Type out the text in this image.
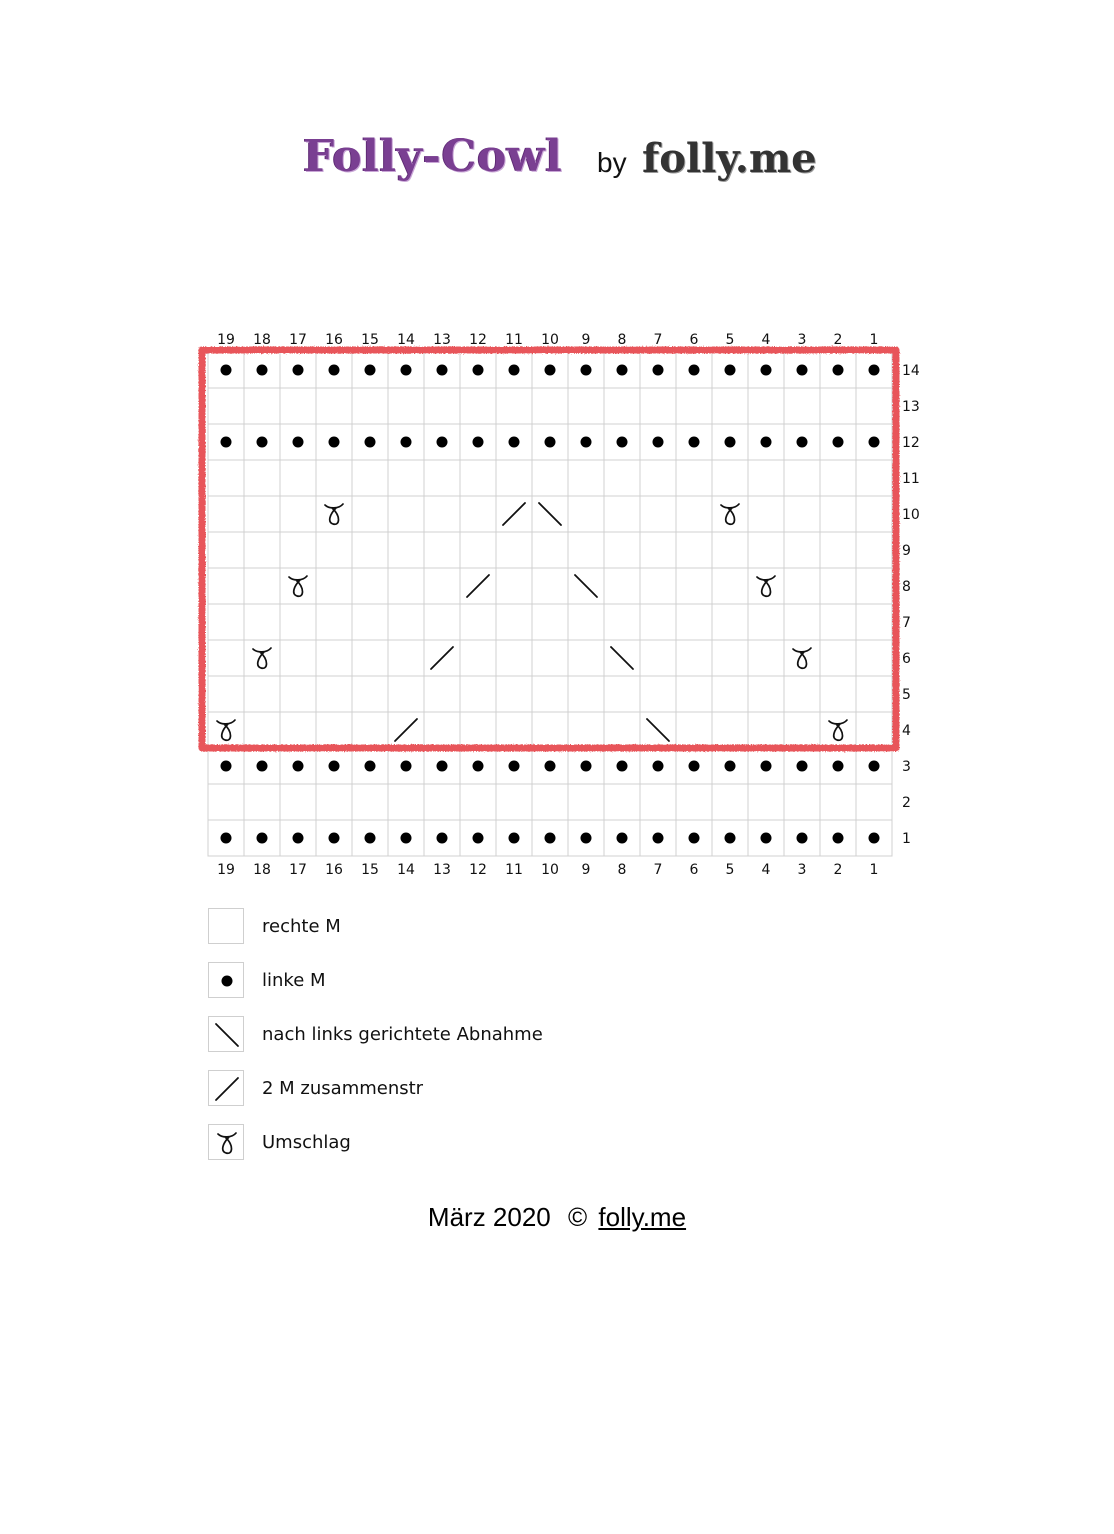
Folly-Cowl by folly.me
19
19
18
18
17
17
16
16
15
15
14
14
13
13
12
12
11
11
10
10
9
9
8
8
7
7
6
6
5
5
4
4
3
3
2
2
1
1
1
2
3
4
5
6
7
8
9
10
11
12
13
14
rechte M
linke M
nach links gerichtete Abnahme
2 M zusammenstr
Umschlag
März 2020 © folly.me
